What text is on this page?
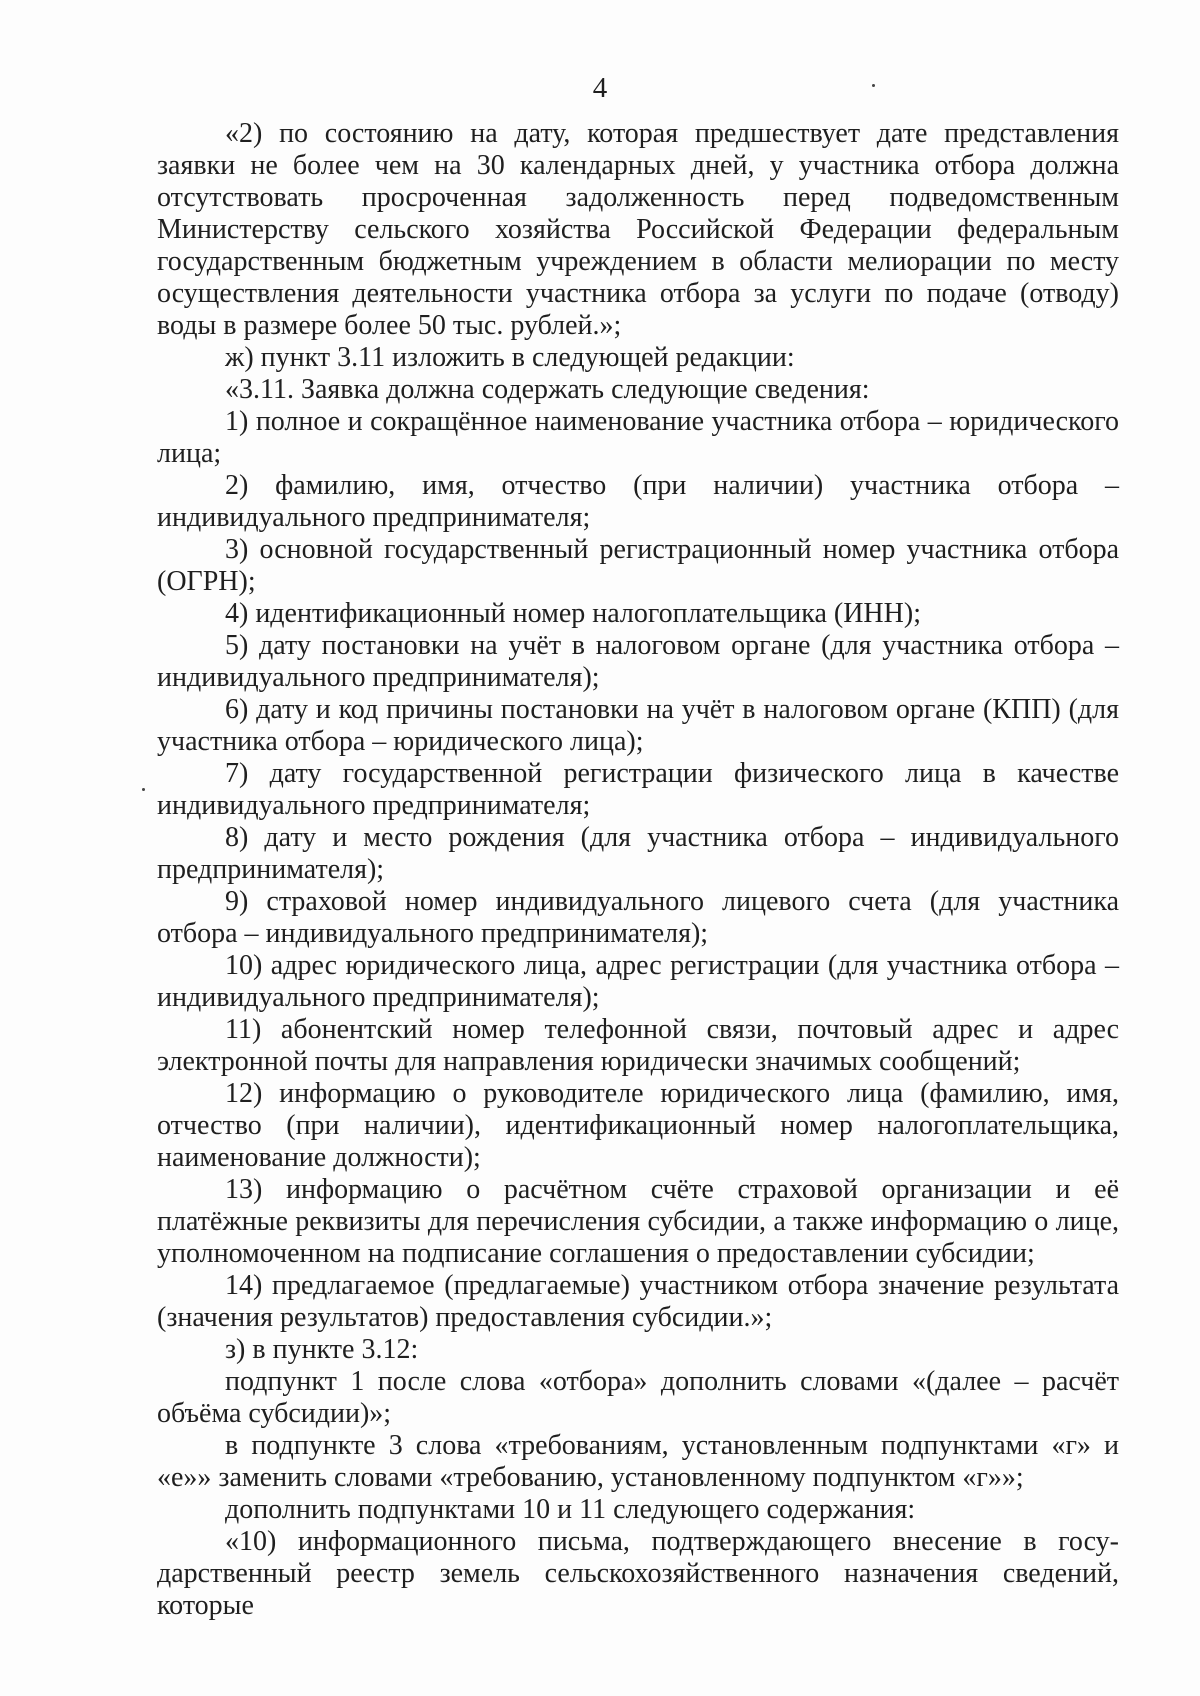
4

«2) по состоянию на дату, которая предшествует дате представления заявки не более чем на 30 календарных дней, у участника отбора должна отсутствовать просроченная задолженность перед подведомственным Министерству сельского хозяйства Российской Федерации федеральным государственным бюджетным учреждением в области мелиорации по месту осуществления деятельности участника отбора за услуги по подаче (отводу) воды в размере более 50 тыс. рублей.»;

ж) пункт 3.11 изложить в следующей редакции:

«3.11. Заявка должна содержать следующие сведения:

1) полное и сокращённое наименование участника отбора – юридического лица;

2) фамилию, имя, отчество (при наличии) участника отбора – индивидуального предпринимателя;

3) основной государственный регистрационный номер участника отбора (ОГРН);

4) идентификационный номер налогоплательщика (ИНН);

5) дату постановки на учёт в налоговом органе (для участника отбора – индивидуального предпринимателя);

6) дату и код причины постановки на учёт в налоговом органе (КПП) (для участника отбора – юридического лица);

7) дату государственной регистрации физического лица в качестве индивидуального предпринимателя;

8) дату и место рождения (для участника отбора – индивидуального предпринимателя);

9) страховой номер индивидуального лицевого счета (для участника отбора – индивидуального предпринимателя);

10) адрес юридического лица, адрес регистрации (для участника отбора – индивидуального предпринимателя);

11) абонентский номер телефонной связи, почтовый адрес и адрес электронной почты для направления юридически значимых сообщений;

12) информацию о руководителе юридического лица (фамилию, имя, отчество (при наличии), идентификационный номер налогоплательщика, наименование должности);

13) информацию о расчётном счёте страховой организации и её платёжные реквизиты для перечисления субсидии, а также информацию о лице, уполномоченном на подписание соглашения о предоставлении субсидии;

14) предлагаемое (предлагаемые) участником отбора значение результата (значения результатов) предоставления субсидии.»;

з) в пункте 3.12:

подпункт 1 после слова «отбора» дополнить словами «(далее – расчёт объёма субсидии)»;

в подпункте 3 слова «требованиям, установленным подпунктами «г» и «е»» заменить словами «требованию, установленному подпунктом «г»»;

дополнить подпунктами 10 и 11 следующего содержания:

«10) информационного письма, подтверждающего внесение в государственный реестр земель сельскохозяйственного назначения сведений, которые
